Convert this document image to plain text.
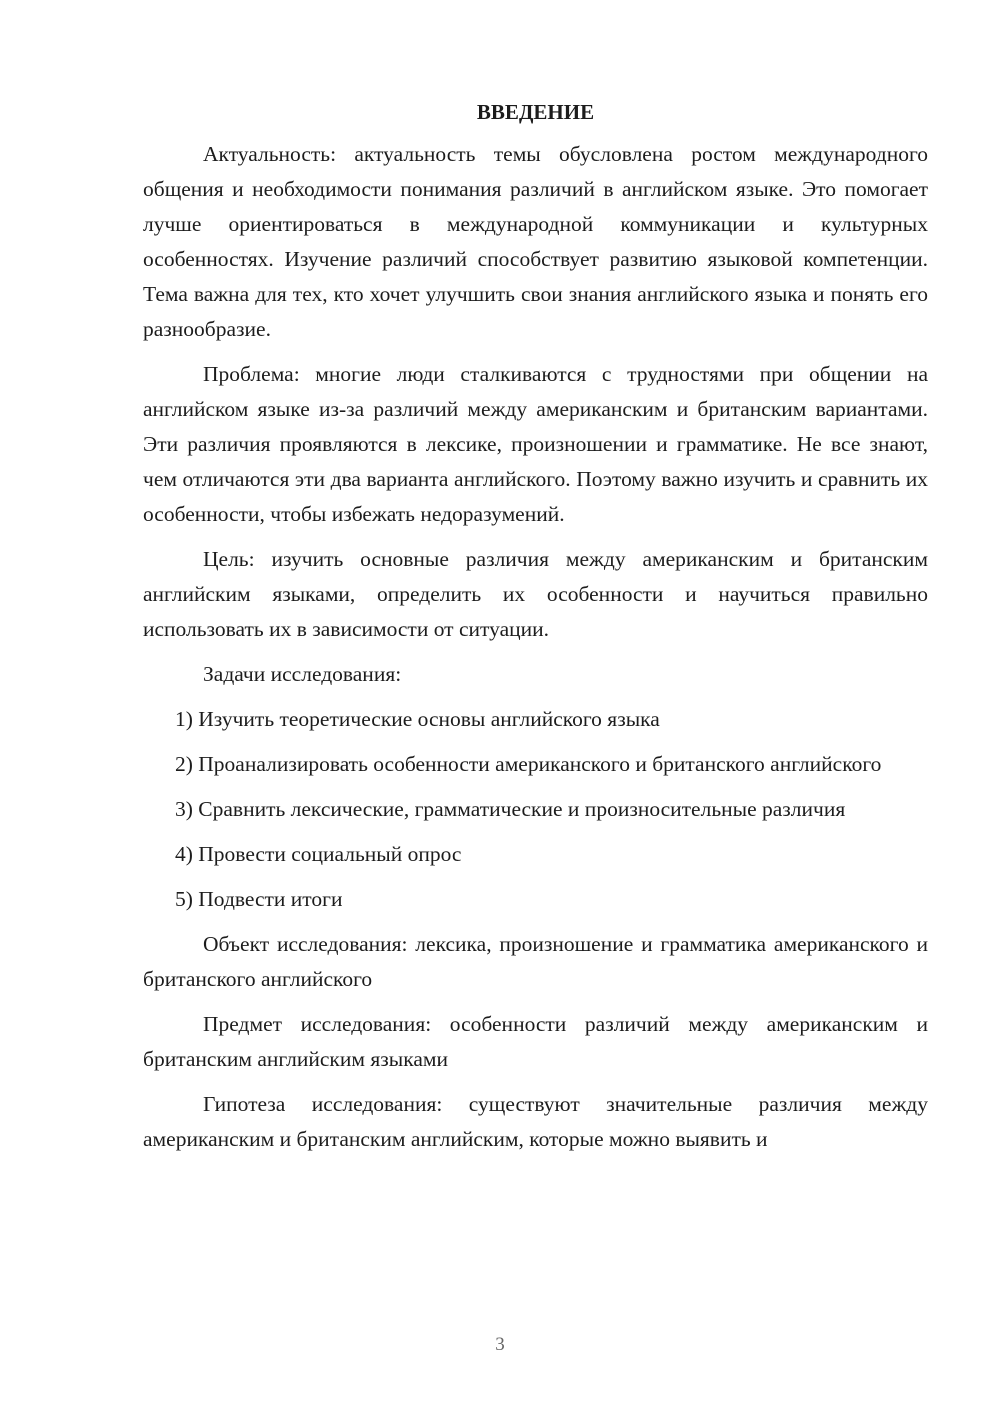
ВВЕДЕНИЕ

Актуальность: актуальность темы обусловлена ростом международного общения и необходимости понимания различий в английском языке. Это помогает лучше ориентироваться в международной коммуникации и культурных особенностях. Изучение различий способствует развитию языковой компетенции. Тема важна для тех, кто хочет улучшить свои знания английского языка и понять его разнообразие.

Проблема: многие люди сталкиваются с трудностями при общении на английском языке из-за различий между американским и британским вариантами. Эти различия проявляются в лексике, произношении и грамматике. Не все знают, чем отличаются эти два варианта английского. Поэтому важно изучить и сравнить их особенности, чтобы избежать недоразумений.

Цель: изучить основные различия между американским и британским английским языками, определить их особенности и научиться правильно использовать их в зависимости от ситуации.

Задачи исследования:

1) Изучить теоретические основы английского языка

2) Проанализировать особенности американского и британского английского

3) Сравнить лексические, грамматические и произносительные различия

4) Провести социальный опрос

5) Подвести итоги

Объект исследования: лексика, произношение и грамматика американского и британского английского

Предмет исследования: особенности различий между американским и британским английским языками

Гипотеза исследования: существуют значительные различия между американским и британским английским, которые можно выявить и

3
